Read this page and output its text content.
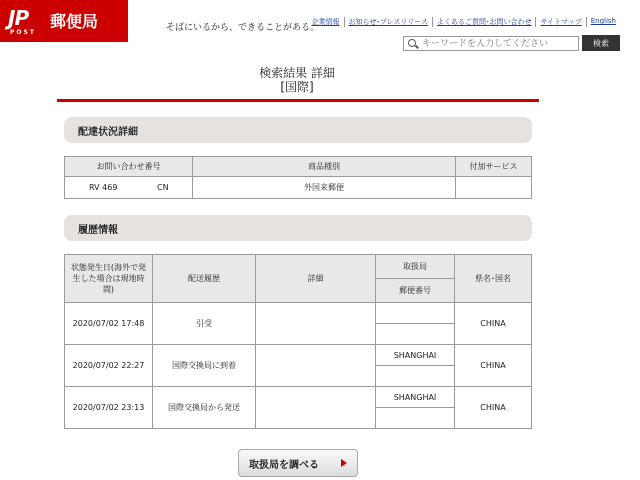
JP
POST
郵便局	そばにいるから、できることがある。
企業情報	お知らせ･プレスリリース	よくあるご質問･お問い合わせ	サイトマップ	English
キーワードを入力してください
検索
検索結果 詳細
[国際]
配達状況詳細
お問い合わせ番号	商品種別	付加サービス
RV 469 CN	外国来郵便	
履歴情報
状態発生日(海外で発生した場合は現地時間)	配送履歴	詳細	取扱局	県名･国名
			郵便番号	
2020/07/02 17:48	引受			CHINA

2020/07/02 22:27	国際交換局に到着		SHANGHAI	CHINA

2020/07/02 23:13	国際交換局から発送		SHANGHAI	CHINA

取扱局を調べる
